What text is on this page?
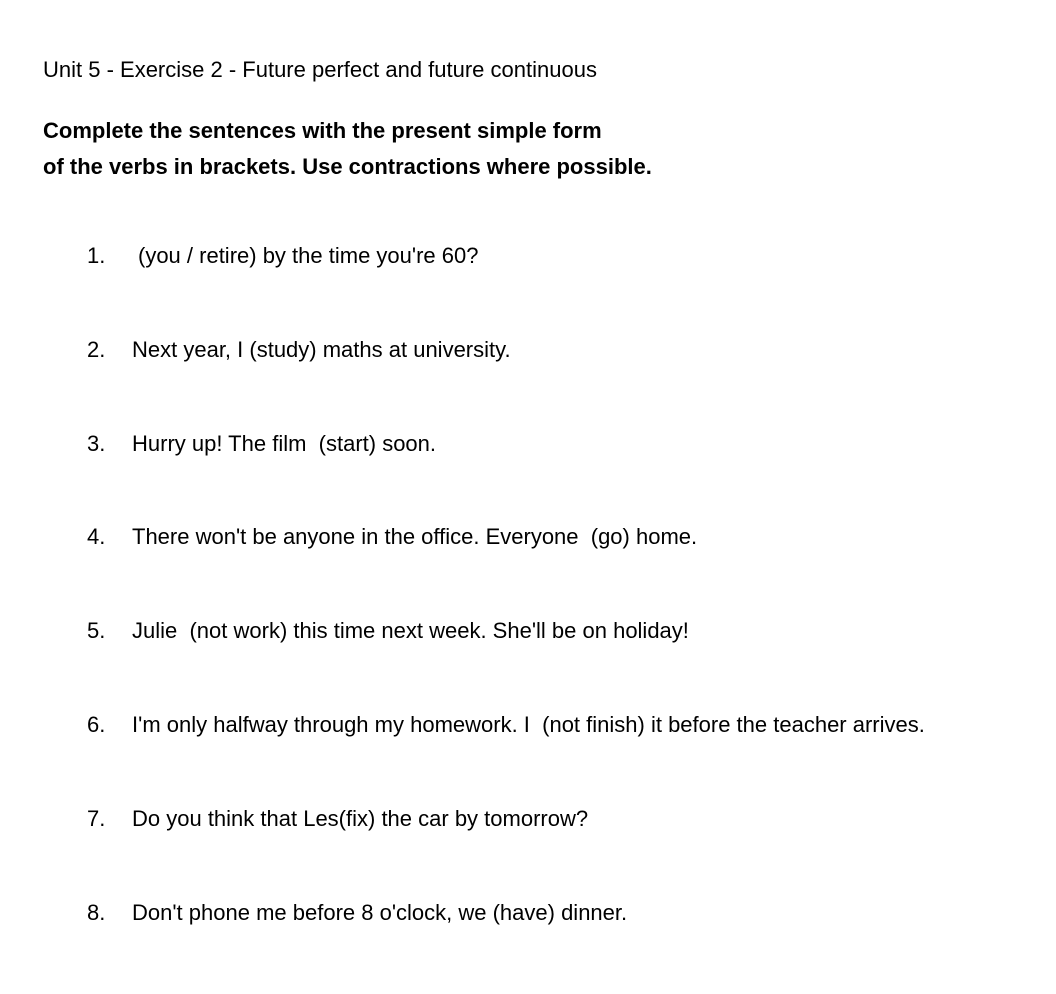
Unit 5 - Exercise 2 - Future perfect and future continuous
Complete the sentences with the present simple form
of the verbs in brackets. Use contractions where possible.
1. (you / retire) by the time you're 60?
2. Next year, I (study) maths at university.
3. Hurry up! The film  (start) soon.
4. There won't be anyone in the office. Everyone  (go) home.
5. Julie  (not work) this time next week. She'll be on holiday!
6. I'm only halfway through my homework. I  (not finish) it before the teacher arrives.
7. Do you think that Les(fix) the car by tomorrow?
8. Don't phone me before 8 o'clock, we (have) dinner.
